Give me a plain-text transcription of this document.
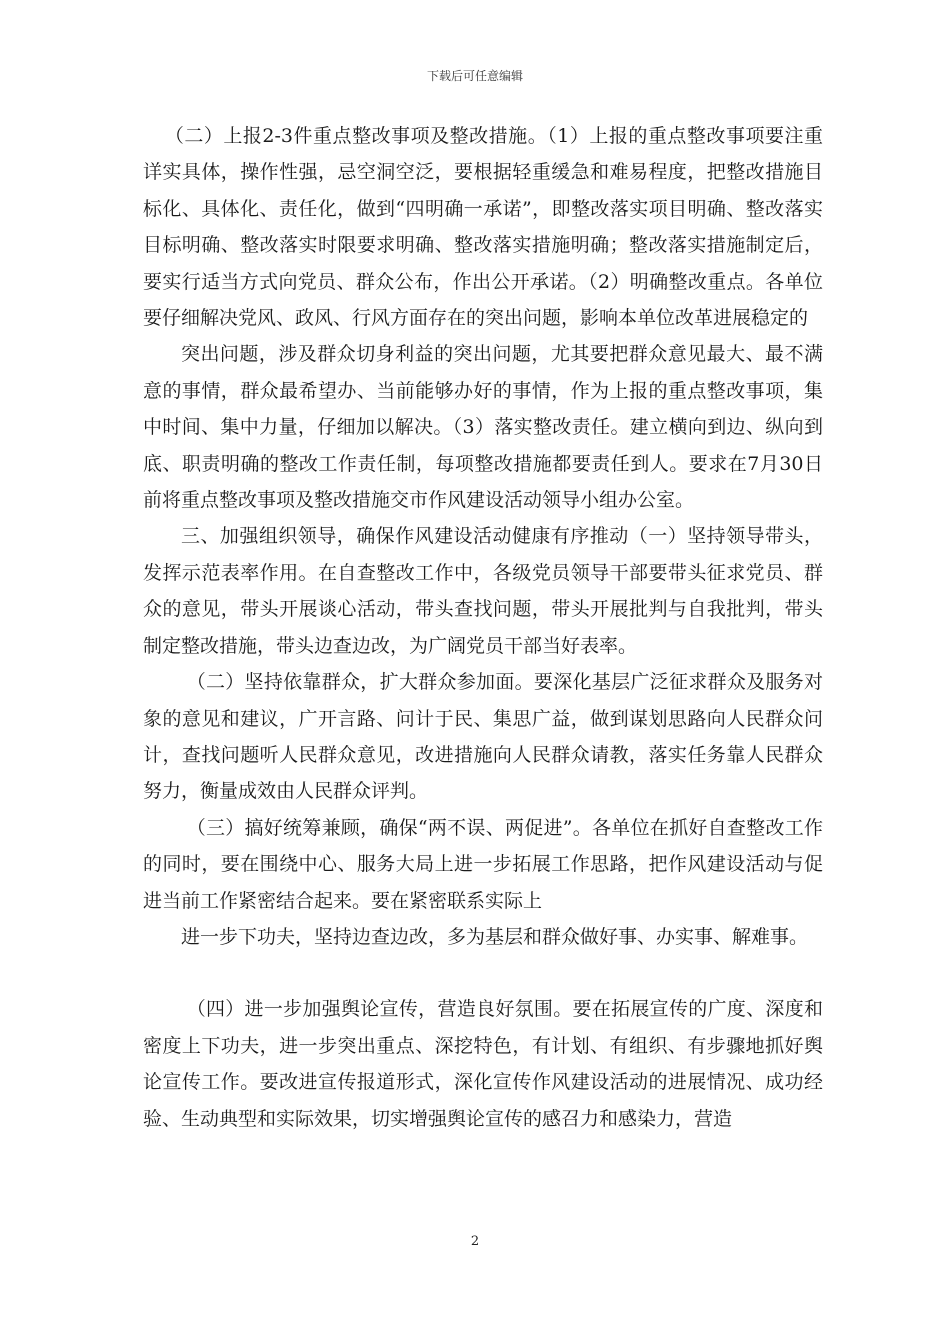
下载后可任意编辑

（二）上报2-3件重点整改事项及整改措施。（1）上报的重点整改事项要注重详实具体，操作性强，忌空洞空泛，要根据轻重缓急和难易程度，把整改措施目标化、具体化、责任化，做到“四明确一承诺”，即整改落实项目明确、整改落实目标明确、整改落实时限要求明确、整改落实措施明确；整改落实措施制定后，要实行适当方式向党员、群众公布，作出公开承诺。（2）明确整改重点。各单位要仔细解决党风、政风、行风方面存在的突出问题，影响本单位改革进展稳定的

突出问题，涉及群众切身利益的突出问题，尤其要把群众意见最大、最不满意的事情，群众最希望办、当前能够办好的事情，作为上报的重点整改事项，集中时间、集中力量，仔细加以解决。（3）落实整改责任。建立横向到边、纵向到底、职责明确的整改工作责任制，每项整改措施都要责任到人。要求在7月30日前将重点整改事项及整改措施交市作风建设活动领导小组办公室。

三、加强组织领导，确保作风建设活动健康有序推动（一）坚持领导带头，发挥示范表率作用。在自查整改工作中，各级党员领导干部要带头征求党员、群众的意见，带头开展谈心活动，带头查找问题，带头开展批判与自我批判，带头制定整改措施，带头边查边改，为广阔党员干部当好表率。

（二）坚持依靠群众，扩大群众参加面。要深化基层广泛征求群众及服务对象的意见和建议，广开言路、问计于民、集思广益，做到谋划思路向人民群众问计，查找问题听人民群众意见，改进措施向人民群众请教，落实任务靠人民群众努力，衡量成效由人民群众评判。

（三）搞好统筹兼顾，确保“两不误、两促进”。各单位在抓好自查整改工作的同时，要在围绕中心、服务大局上进一步拓展工作思路，把作风建设活动与促进当前工作紧密结合起来。要在紧密联系实际上

进一步下功夫，坚持边查边改，多为基层和群众做好事、办实事、解难事。

（四）进一步加强舆论宣传，营造良好氛围。要在拓展宣传的广度、深度和密度上下功夫，进一步突出重点、深挖特色，有计划、有组织、有步骤地抓好舆论宣传工作。要改进宣传报道形式，深化宣传作风建设活动的进展情况、成功经验、生动典型和实际效果，切实增强舆论宣传的感召力和感染力，营造

2
